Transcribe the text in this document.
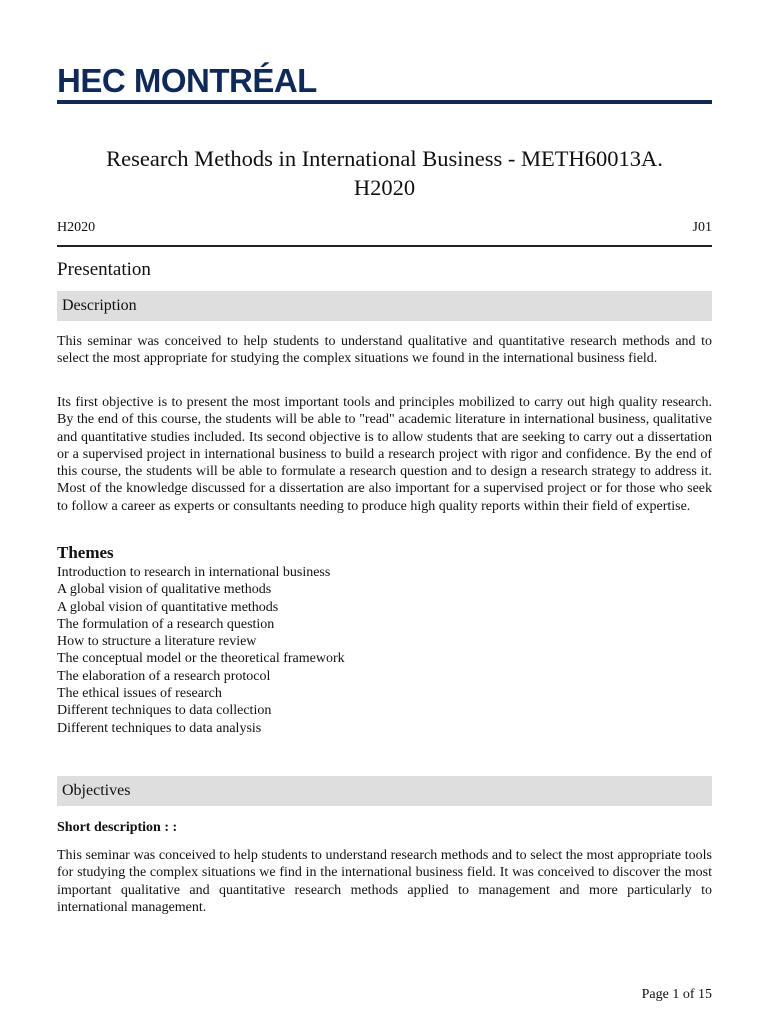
HEC MONTRÉAL
Research Methods in International Business - METH60013A.
H2020
H2020	J01
Presentation
Description

This seminar was conceived to help students to understand qualitative and quantitative research methods and to select the most appropriate for studying the complex situations we found in the international business field.

Its first objective is to present the most important tools and principles mobilized to carry out high quality research. By the end of this course, the students will be able to "read" academic literature in international business, qualitative and quantitative studies included. Its second objective is to allow students that are seeking to carry out a dissertation or a supervised project in international business to build a research project with rigor and confidence. By the end of this course, the students will be able to formulate a research question and to design a research strategy to address it. Most of the knowledge discussed for a dissertation are also important for a supervised project or for those who seek to follow a career as experts or consultants needing to produce high quality reports within their field of expertise.

Themes
Introduction to research in international business
A global vision of qualitative methods
A global vision of quantitative methods
The formulation of a research question
How to structure a literature review
The conceptual model or the theoretical framework
The elaboration of a research protocol
The ethical issues of research
Different techniques to data collection
Different techniques to data analysis
Objectives
Short description : :

This seminar was conceived to help students to understand research methods and to select the most appropriate tools for studying the complex situations we find in the international business field. It was conceived to discover the most important qualitative and quantitative research methods applied to management and more particularly to international management.

Page 1 of 15
